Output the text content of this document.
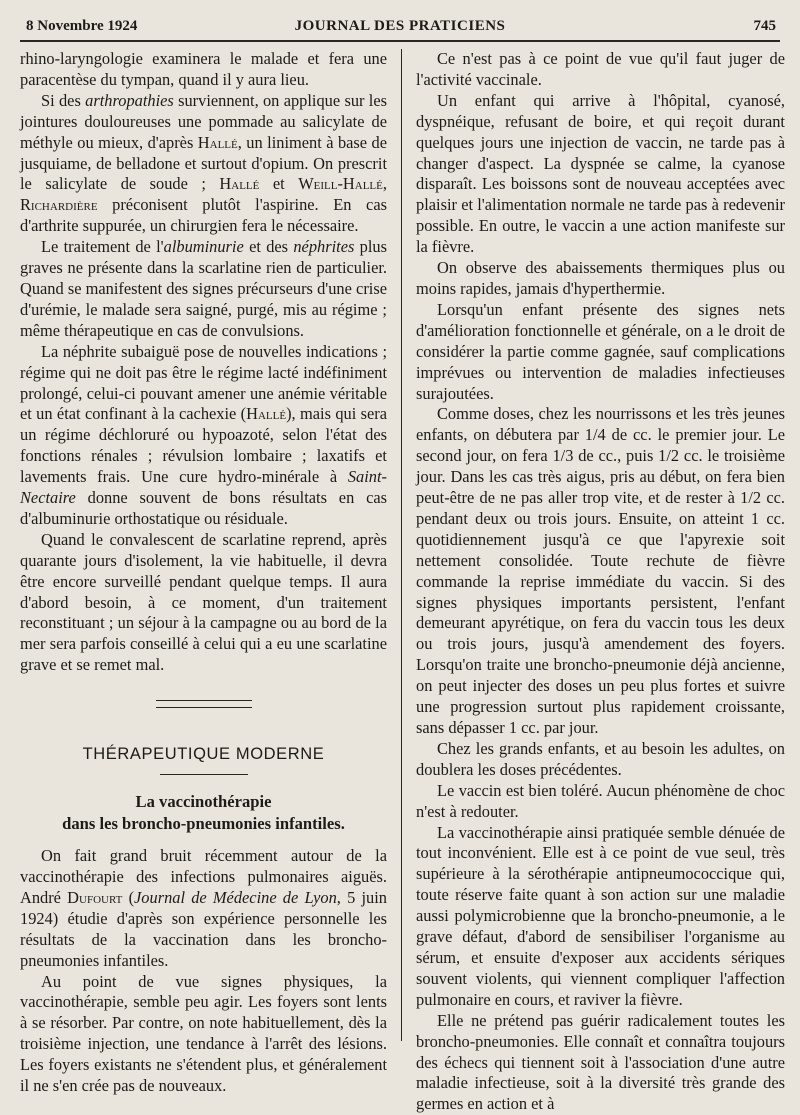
8 Novembre 1924	JOURNAL DES PRATICIENS	745

rhino-laryngologie examinera le malade et fera une paracentèse du tympan, quand il y aura lieu.

Si des arthropathies surviennent, on applique sur les jointures douloureuses une pommade au salicylate de méthyle ou mieux, d'après Hallé, un liniment à base de jusquiame, de belladone et surtout d'opium. On prescrit le salicylate de soude ; Hallé et Weill-Hallé, Richardière préconisent plutôt l'aspirine. En cas d'arthrite suppurée, un chirurgien fera le nécessaire.

Le traitement de l'albuminurie et des néphrites plus graves ne présente dans la scarlatine rien de particulier. Quand se manifestent des signes précurseurs d'une crise d'urémie, le malade sera saigné, purgé, mis au régime ; même thérapeutique en cas de convulsions.

La néphrite subaiguë pose de nouvelles indications ; régime qui ne doit pas être le régime lacté indéfiniment prolongé, celui-ci pouvant amener une anémie véritable et un état confinant à la cachexie (Hallé), mais qui sera un régime déchloruré ou hypoazoté, selon l'état des fonctions rénales ; révulsion lombaire ; laxatifs et lavements frais. Une cure hydro-minérale à Saint-Nectaire donne souvent de bons résultats en cas d'albuminurie orthostatique ou résiduale.

Quand le convalescent de scarlatine reprend, après quarante jours d'isolement, la vie habituelle, il devra être encore surveillé pendant quelque temps. Il aura d'abord besoin, à ce moment, d'un traitement reconstituant ; un séjour à la campagne ou au bord de la mer sera parfois conseillé à celui qui a eu une scarlatine grave et se remet mal.

THÉRAPEUTIQUE MODERNE
La vaccinothérapie
dans les broncho-pneumonies infantiles.

On fait grand bruit récemment autour de la vaccinothérapie des infections pulmonaires aiguës. André Dufourt (Journal de Médecine de Lyon, 5 juin 1924) étudie d'après son expérience personnelle les résultats de la vaccination dans les broncho-pneumonies infantiles.

Au point de vue signes physiques, la vaccinothérapie, semble peu agir. Les foyers sont lents à se résorber. Par contre, on note habituellement, dès la troisième injection, une tendance à l'arrêt des lésions. Les foyers existants ne s'étendent plus, et généralement il ne s'en crée pas de nouveaux.

Ce n'est pas à ce point de vue qu'il faut juger de l'activité vaccinale.

Un enfant qui arrive à l'hôpital, cyanosé, dyspnéique, refusant de boire, et qui reçoit durant quelques jours une injection de vaccin, ne tarde pas à changer d'aspect. La dyspnée se calme, la cyanose disparaît. Les boissons sont de nouveau acceptées avec plaisir et l'alimentation normale ne tarde pas à redevenir possible. En outre, le vaccin a une action manifeste sur la fièvre.

On observe des abaissements thermiques plus ou moins rapides, jamais d'hyperthermie.

Lorsqu'un enfant présente des signes nets d'amélioration fonctionnelle et générale, on a le droit de considérer la partie comme gagnée, sauf complications imprévues ou intervention de maladies infectieuses surajoutées.

Comme doses, chez les nourrissons et les très jeunes enfants, on débutera par 1/4 de cc. le premier jour. Le second jour, on fera 1/3 de cc., puis 1/2 cc. le troisième jour. Dans les cas très aigus, pris au début, on fera bien peut-être de ne pas aller trop vite, et de rester à 1/2 cc. pendant deux ou trois jours. Ensuite, on atteint 1 cc. quotidiennement jusqu'à ce que l'apyrexie soit nettement consolidée. Toute rechute de fièvre commande la reprise immédiate du vaccin. Si des signes physiques importants persistent, l'enfant demeurant apyrétique, on fera du vaccin tous les deux ou trois jours, jusqu'à amendement des foyers. Lorsqu'on traite une broncho-pneumonie déjà ancienne, on peut injecter des doses un peu plus fortes et suivre une progression surtout plus rapidement croissante, sans dépasser 1 cc. par jour.

Chez les grands enfants, et au besoin les adultes, on doublera les doses précédentes.

Le vaccin est bien toléré. Aucun phénomène de choc n'est à redouter.

La vaccinothérapie ainsi pratiquée semble dénuée de tout inconvénient. Elle est à ce point de vue seul, très supérieure à la sérothérapie antipneumococcique qui, toute réserve faite quant à son action sur une maladie aussi polymicrobienne que la broncho-pneumonie, a le grave défaut, d'abord de sensibiliser l'organisme au sérum, et ensuite d'exposer aux accidents sériques souvent violents, qui viennent compliquer l'affection pulmonaire en cours, et raviver la fièvre.

Elle ne prétend pas guérir radicalement toutes les broncho-pneumonies. Elle connaît et connaîtra toujours des échecs qui tiennent soit à l'association d'une autre maladie infectieuse, soit à la diversité très grande des germes en action et à
